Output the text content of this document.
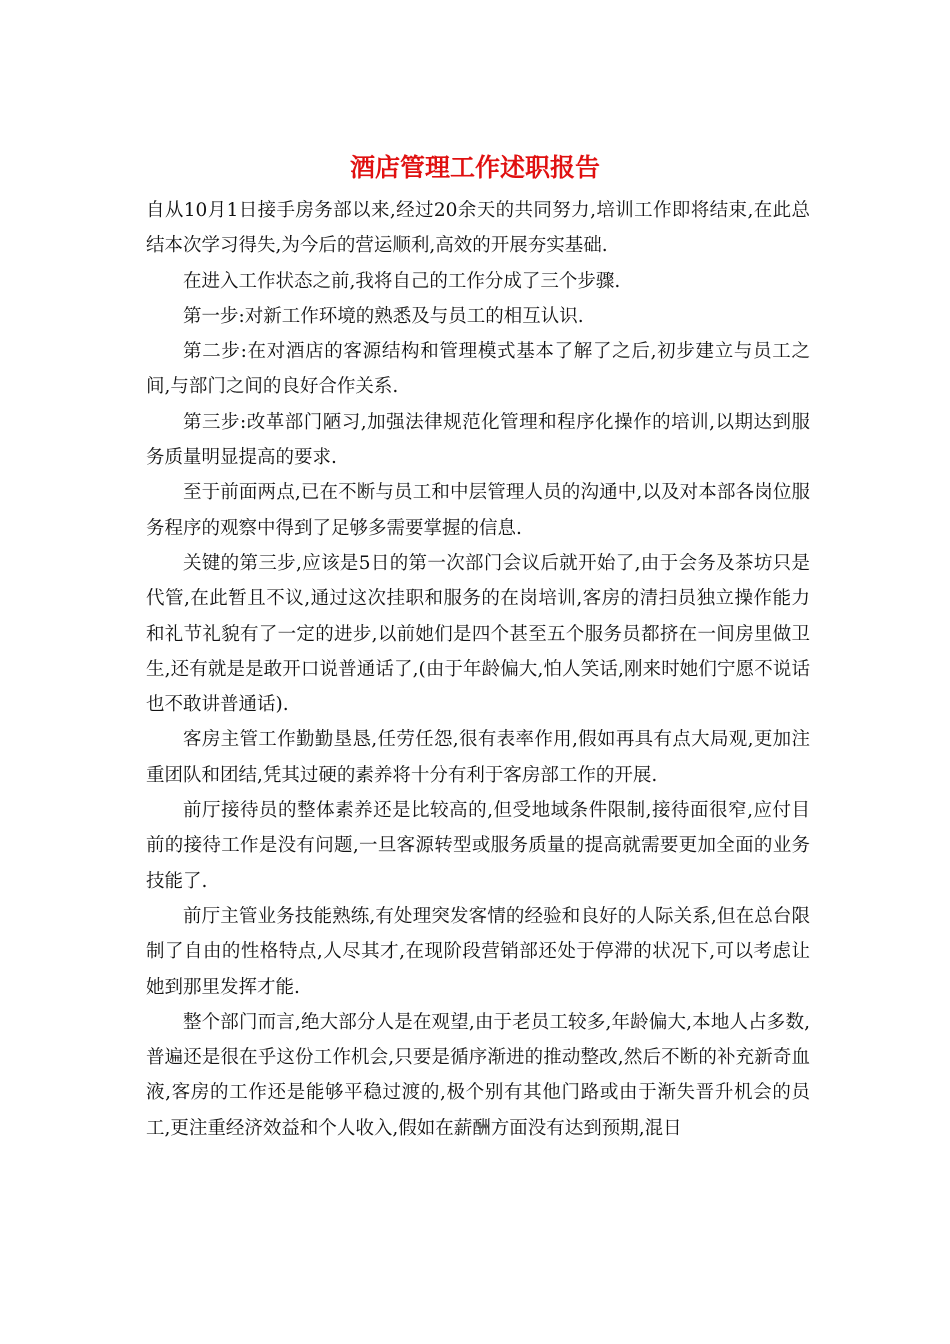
酒店管理工作述职报告

自从10月1日接手房务部以来,经过20余天的共同努力,培训工作即将结束,在此总结本次学习得失,为今后的营运顺利,高效的开展夯实基础.

在进入工作状态之前,我将自己的工作分成了三个步骤.

第一步:对新工作环境的熟悉及与员工的相互认识.

第二步:在对酒店的客源结构和管理模式基本了解了之后,初步建立与员工之间,与部门之间的良好合作关系.

第三步:改革部门陋习,加强法律规范化管理和程序化操作的培训,以期达到服务质量明显提高的要求.

至于前面两点,已在不断与员工和中层管理人员的沟通中,以及对本部各岗位服务程序的观察中得到了足够多需要掌握的信息.

关键的第三步,应该是5日的第一次部门会议后就开始了,由于会务及茶坊只是代管,在此暂且不议,通过这次挂职和服务的在岗培训,客房的清扫员独立操作能力和礼节礼貌有了一定的进步,以前她们是四个甚至五个服务员都挤在一间房里做卫生,还有就是是敢开口说普通话了,(由于年龄偏大,怕人笑话,刚来时她们宁愿不说话也不敢讲普通话).

客房主管工作勤勤垦恳,任劳任怨,很有表率作用,假如再具有点大局观,更加注重团队和团结,凭其过硬的素养将十分有利于客房部工作的开展.

前厅接待员的整体素养还是比较高的,但受地域条件限制,接待面很窄,应付目前的接待工作是没有问题,一旦客源转型或服务质量的提高就需要更加全面的业务技能了.

前厅主管业务技能熟练,有处理突发客情的经验和良好的人际关系,但在总台限制了自由的性格特点,人尽其才,在现阶段营销部还处于停滞的状况下,可以考虑让她到那里发挥才能.

整个部门而言,绝大部分人是在观望,由于老员工较多,年龄偏大,本地人占多数,普遍还是很在乎这份工作机会,只要是循序渐进的推动整改,然后不断的补充新奇血液,客房的工作还是能够平稳过渡的,极个别有其他门路或由于渐失晋升机会的员工,更注重经济效益和个人收入,假如在薪酬方面没有达到预期,混日
